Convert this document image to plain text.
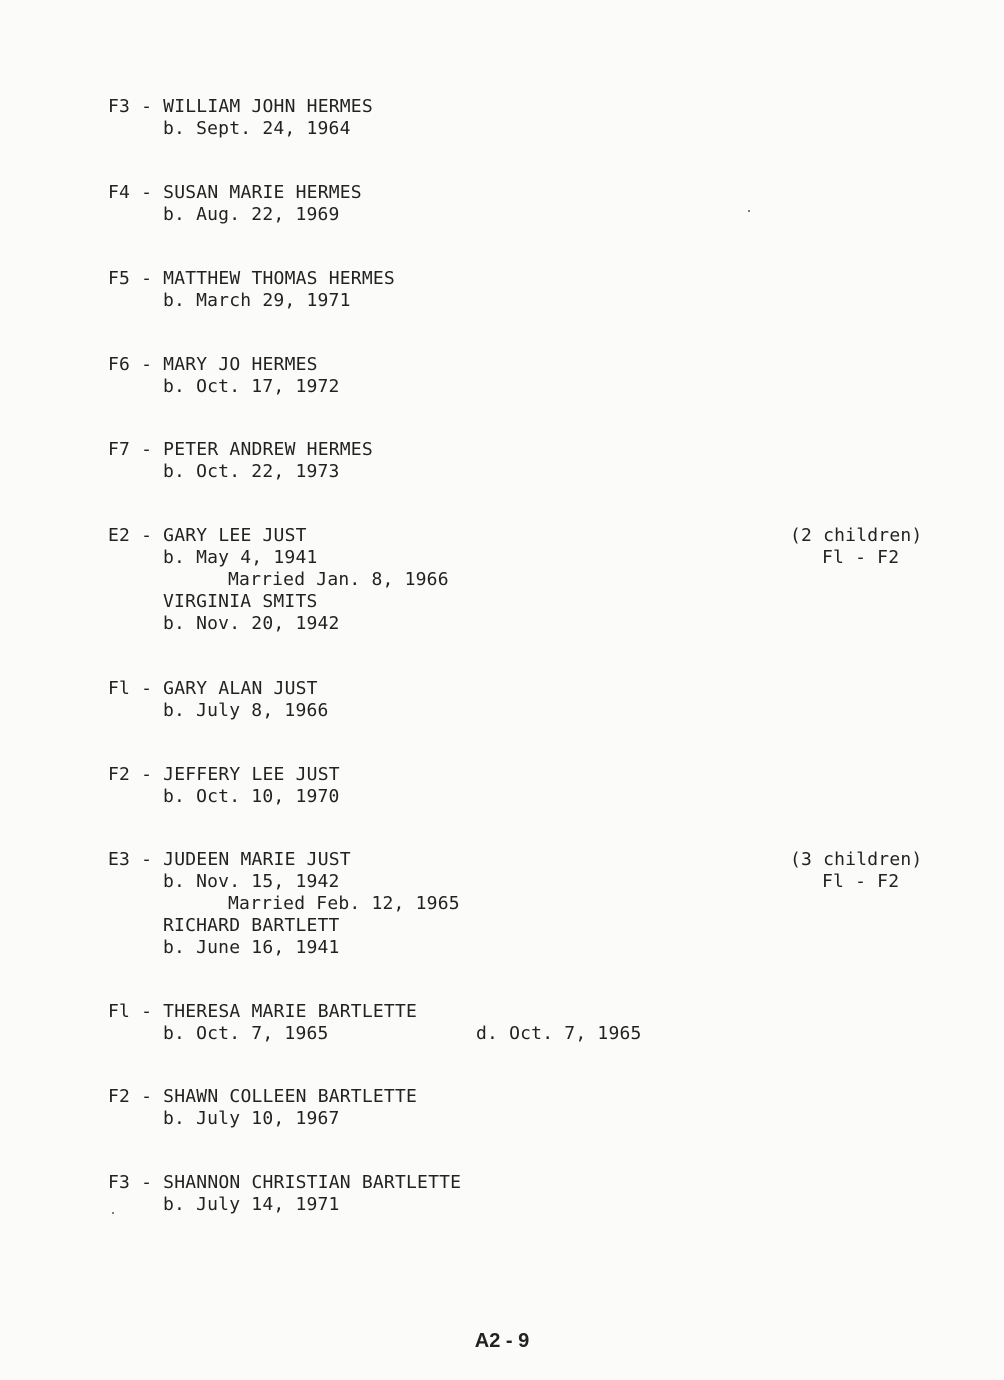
F3 - WILLIAM JOHN HERMES
b. Sept. 24, 1964
F4 - SUSAN MARIE HERMES
b. Aug. 22, 1969
F5 - MATTHEW THOMAS HERMES
b. March 29, 1971
F6 - MARY JO HERMES
b. Oct. 17, 1972
F7 - PETER ANDREW HERMES
b. Oct. 22, 1973
E2 - GARY LEE JUST
b. May 4, 1941
Married Jan. 8, 1966
VIRGINIA SMITS
b. Nov. 20, 1942
(2 children)
Fl - F2
Fl - GARY ALAN JUST
b. July 8, 1966
F2 - JEFFERY LEE JUST
b. Oct. 10, 1970
E3 - JUDEEN MARIE JUST
b. Nov. 15, 1942
Married Feb. 12, 1965
RICHARD BARTLETT
b. June 16, 1941
(3 children)
Fl - F2
Fl - THERESA MARIE BARTLETTE
b. Oct. 7, 1965	d. Oct. 7, 1965
F2 - SHAWN COLLEEN BARTLETTE
b. July 10, 1967
F3 - SHANNON CHRISTIAN BARTLETTE
b. July 14, 1971
A2 - 9
